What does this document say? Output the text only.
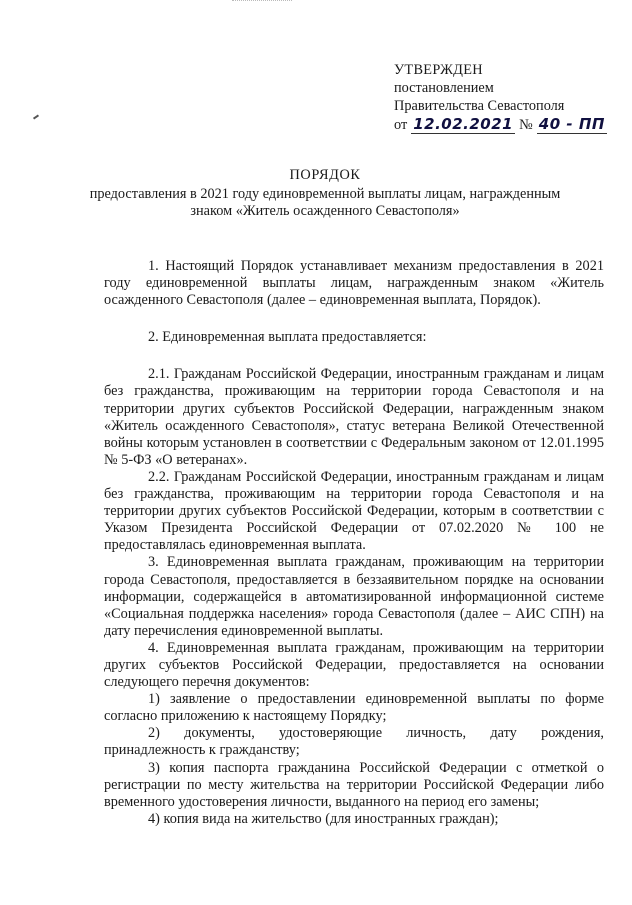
УТВЕРЖДЕН
постановлением
Правительства Севастополя
от 12.02.2021 № 40 - ПП
ПОРЯДОК
предоставления в 2021 году единовременной выплаты лицам, награжденным
знаком «Житель осажденного Севастополя»

1. Настоящий Порядок устанавливает механизм предоставления в 2021 году единовременной выплаты лицам, награжденным знаком «Житель осажденного Севастополя (далее – единовременная выплата, Порядок).

2. Единовременная выплата предоставляется:

2.1. Гражданам Российской Федерации, иностранным гражданам и лицам без гражданства, проживающим на территории города Севастополя и на территории других субъектов Российской Федерации, награжденным знаком «Житель осажденного Севастополя», статус ветерана Великой Отечественной войны которым установлен в соответствии с Федеральным законом от 12.01.1995 № 5-ФЗ «О ветеранах».

2.2. Гражданам Российской Федерации, иностранным гражданам и лицам без гражданства, проживающим на территории города Севастополя и на территории других субъектов Российской Федерации, которым в соответствии с Указом Президента Российской Федерации от 07.02.2020 № 100 не предоставлялась единовременная выплата.

3. Единовременная выплата гражданам, проживающим на территории города Севастополя, предоставляется в беззаявительном порядке на основании информации, содержащейся в автоматизированной информационной системе «Социальная поддержка населения» города Севастополя (далее – АИС СПН) на дату перечисления единовременной выплаты.

4. Единовременная выплата гражданам, проживающим на территории других субъектов Российской Федерации, предоставляется на основании следующего перечня документов:

1) заявление о предоставлении единовременной выплаты по форме согласно приложению к настоящему Порядку;

2) документы, удостоверяющие личность, дату рождения, принадлежность к гражданству;

3) копия паспорта гражданина Российской Федерации с отметкой о регистрации по месту жительства на территории Российской Федерации либо временного удостоверения личности, выданного на период его замены;

4) копия вида на жительство (для иностранных граждан);
